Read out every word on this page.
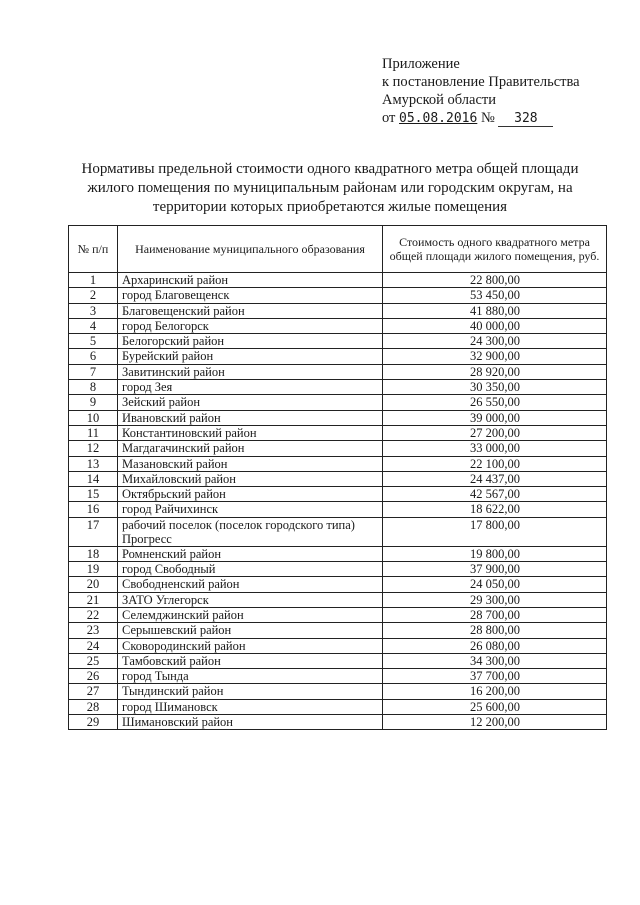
Приложение
к постановление Правительства
Амурской области
от 05.08.2016 № 328
Нормативы предельной стоимости одного квадратного метра общей площади
жилого помещения по муниципальным районам или городским округам, на
территории которых приобретаются жилые помещения
№ п/п	Наименование муниципального образования	Стоимость одного квадратного метра общей площади жилого помещения, руб.
1	Архаринский район	22 800,00
2	город Благовещенск	53 450,00
3	Благовещенский район	41 880,00
4	город Белогорск	40 000,00
5	Белогорский район	24 300,00
6	Бурейский район	32 900,00
7	Завитинский район	28 920,00
8	город Зея	30 350,00
9	Зейский район	26 550,00
10	Ивановский район	39 000,00
11	Константиновский район	27 200,00
12	Магдагачинский район	33 000,00
13	Мазановский район	22 100,00
14	Михайловский район	24 437,00
15	Октябрьский район	42 567,00
16	город Райчихинск	18 622,00
17	рабочий поселок (поселок городского типа) Прогресс	17 800,00
18	Ромненский район	19 800,00
19	город Свободный	37 900,00
20	Свободненский район	24 050,00
21	ЗАТО Углегорск	29 300,00
22	Селемджинский район	28 700,00
23	Серышевский район	28 800,00
24	Сковородинский район	26 080,00
25	Тамбовский район	34 300,00
26	город Тында	37 700,00
27	Тындинский район	16 200,00
28	город Шимановск	25 600,00
29	Шимановский район	12 200,00
